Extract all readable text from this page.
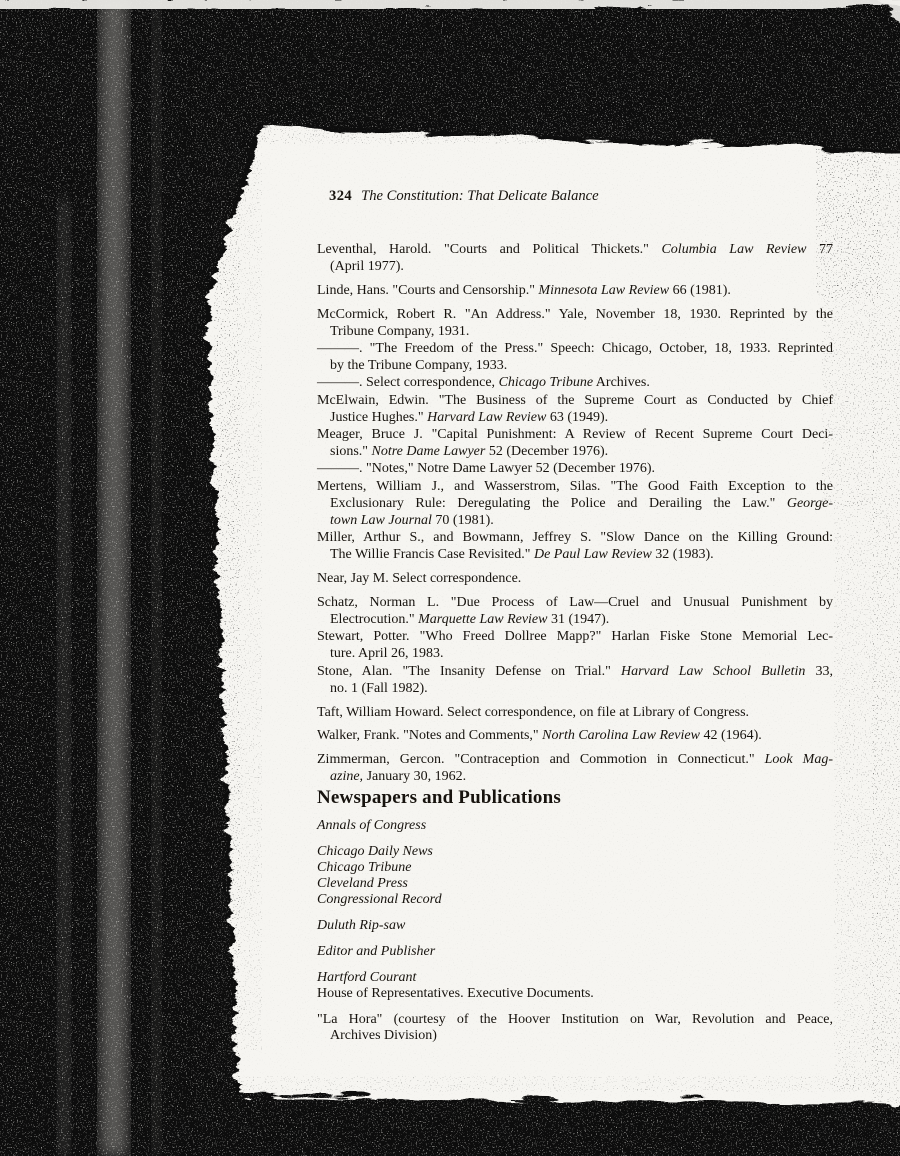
324 The Constitution: That Delicate Balance
Leventhal, Harold. "Courts and Political Thickets." Columbia Law Review 77
(April 1977).
Linde, Hans. "Courts and Censorship." Minnesota Law Review 66 (1981).
McCormick, Robert R. "An Address." Yale, November 18, 1930. Reprinted by the
Tribune Company, 1931.
———. "The Freedom of the Press." Speech: Chicago, October, 18, 1933. Reprinted
by the Tribune Company, 1933.
———. Select correspondence, Chicago Tribune Archives.
McElwain, Edwin. "The Business of the Supreme Court as Conducted by Chief
Justice Hughes." Harvard Law Review 63 (1949).
Meager, Bruce J. "Capital Punishment: A Review of Recent Supreme Court Deci-
sions." Notre Dame Lawyer 52 (December 1976).
———. "Notes," Notre Dame Lawyer 52 (December 1976).
Mertens, William J., and Wasserstrom, Silas. "The Good Faith Exception to the
Exclusionary Rule: Deregulating the Police and Derailing the Law." George-
town Law Journal 70 (1981).
Miller, Arthur S., and Bowmann, Jeffrey S. "Slow Dance on the Killing Ground:
The Willie Francis Case Revisited." De Paul Law Review 32 (1983).
Near, Jay M. Select correspondence.
Schatz, Norman L. "Due Process of Law—Cruel and Unusual Punishment by
Electrocution." Marquette Law Review 31 (1947).
Stewart, Potter. "Who Freed Dollree Mapp?" Harlan Fiske Stone Memorial Lec-
ture. April 26, 1983.
Stone, Alan. "The Insanity Defense on Trial." Harvard Law School Bulletin 33,
no. 1 (Fall 1982).
Taft, William Howard. Select correspondence, on file at Library of Congress.
Walker, Frank. "Notes and Comments," North Carolina Law Review 42 (1964).
Zimmerman, Gercon. "Contraception and Commotion in Connecticut." Look Mag-
azine, January 30, 1962.
Newspapers and Publications
Annals of Congress
Chicago Daily News
Chicago Tribune
Cleveland Press
Congressional Record
Duluth Rip-saw
Editor and Publisher
Hartford Courant
House of Representatives. Executive Documents.
"La Hora" (courtesy of the Hoover Institution on War, Revolution and Peace,
Archives Division)
